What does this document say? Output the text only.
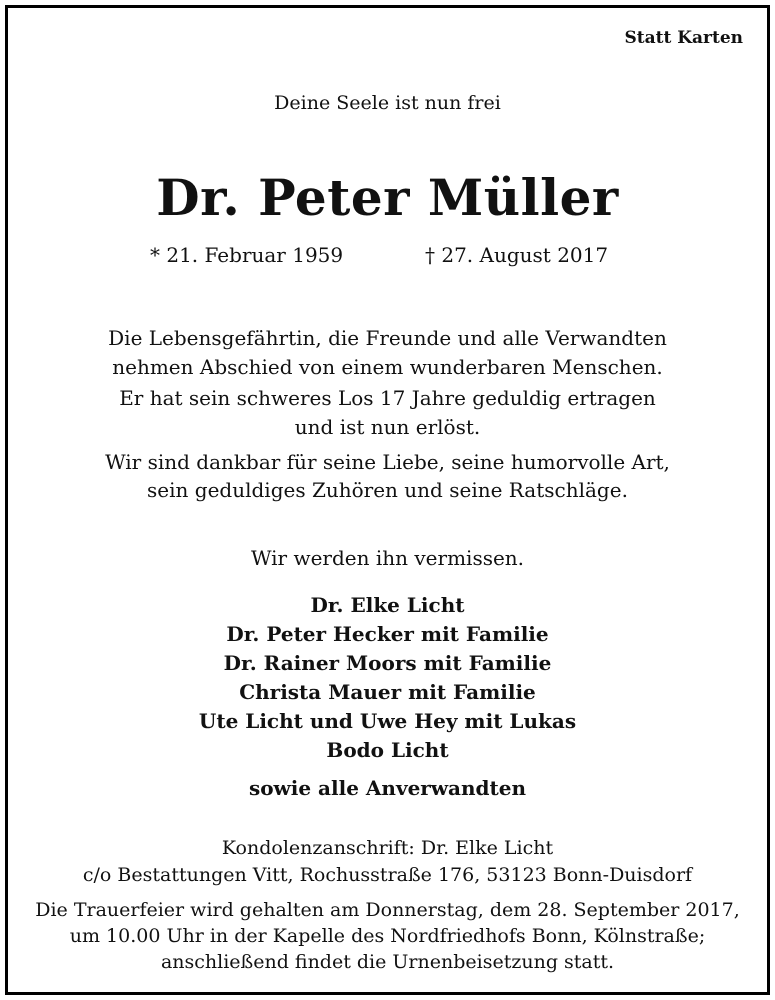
Statt Karten
Deine Seele ist nun frei
Dr. Peter Müller
* 21. Februar 1959	† 27. August 2017
Die Lebensgefährtin, die Freunde und alle Verwandten
nehmen Abschied von einem wunderbaren Menschen.
Er hat sein schweres Los 17 Jahre geduldig ertragen
und ist nun erlöst.
Wir sind dankbar für seine Liebe, seine humorvolle Art,
sein geduldiges Zuhören und seine Ratschläge.
Wir werden ihn vermissen.
Dr. Elke Licht
Dr. Peter Hecker mit Familie
Dr. Rainer Moors mit Familie
Christa Mauer mit Familie
Ute Licht und Uwe Hey mit Lukas
Bodo Licht
sowie alle Anverwandten
Kondolenzanschrift: Dr. Elke Licht
c/o Bestattungen Vitt, Rochusstraße 176, 53123 Bonn-Duisdorf
Die Trauerfeier wird gehalten am Donnerstag, dem 28. September 2017,
um 10.00 Uhr in der Kapelle des Nordfriedhofs Bonn, Kölnstraße;
anschließend findet die Urnenbeisetzung statt.
